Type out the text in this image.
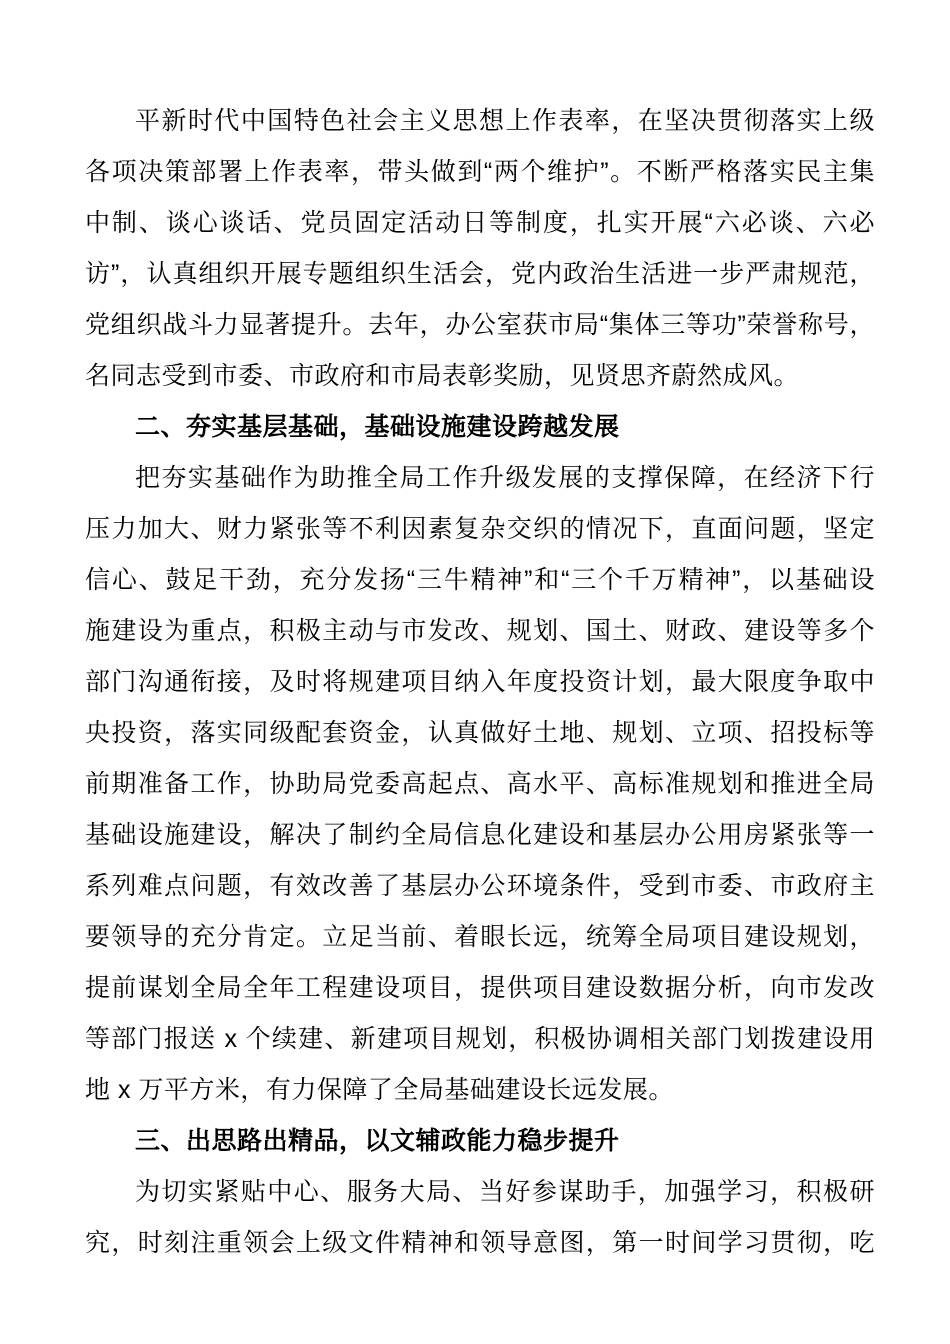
平新时代中国特色社会主义思想上作表率，在坚决贯彻落实上级
各项决策部署上作表率，带头做到“两个维护”。不断严格落实民主集
中制、谈心谈话、党员固定活动日等制度，扎实开展“六必谈、六必
访”，认真组织开展专题组织生活会，党内政治生活进一步严肃规范，
党组织战斗力显著提升。去年，办公室获市局“集体三等功”荣誉称号，
名同志受到市委、市政府和市局表彰奖励，见贤思齐蔚然成风。
二、夯实基层基础，基础设施建设跨越发展
把夯实基础作为助推全局工作升级发展的支撑保障，在经济下行
压力加大、财力紧张等不利因素复杂交织的情况下，直面问题，坚定
信心、鼓足干劲，充分发扬“三牛精神”和“三个千万精神”，以基础设
施建设为重点，积极主动与市发改、规划、国土、财政、建设等多个
部门沟通衔接，及时将规建项目纳入年度投资计划，最大限度争取中
央投资，落实同级配套资金，认真做好土地、规划、立项、招投标等
前期准备工作，协助局党委高起点、高水平、高标准规划和推进全局
基础设施建设，解决了制约全局信息化建设和基层办公用房紧张等一
系列难点问题，有效改善了基层办公环境条件，受到市委、市政府主
要领导的充分肯定。立足当前、着眼长远，统筹全局项目建设规划，
提前谋划全局全年工程建设项目，提供项目建设数据分析，向市发改
等部门报送 x 个续建、新建项目规划，积极协调相关部门划拨建设用
地 x 万平方米，有力保障了全局基础建设长远发展。
三、出思路出精品，以文辅政能力稳步提升
为切实紧贴中心、服务大局、当好参谋助手，加强学习，积极研
究，时刻注重领会上级文件精神和领导意图，第一时间学习贯彻，吃
